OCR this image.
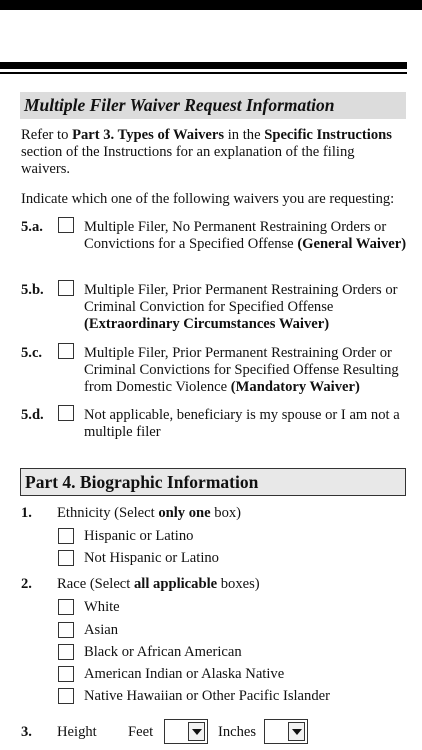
Multiple Filer Waiver Request Information
Refer to Part 3. Types of Waivers in the Specific Instructions section of the Instructions for an explanation of the filing waivers.
Indicate which one of the following waivers you are requesting:
5.a.	Multiple Filer, No Permanent Restraining Orders or Convictions for a Specified Offense (General Waiver)
5.b.	Multiple Filer, Prior Permanent Restraining Orders or Criminal Conviction for Specified Offense (Extraordinary Circumstances Waiver)
5.c.	Multiple Filer, Prior Permanent Restraining Order or Criminal Convictions for Specified Offense Resulting from Domestic Violence (Mandatory Waiver)
5.d.	Not applicable, beneficiary is my spouse or I am not a multiple filer
Part 4. Biographic Information
1. Ethnicity (Select only one box)
Hispanic or Latino
Not Hispanic or Latino
2. Race (Select all applicable boxes)
White
Asian
Black or African American
American Indian or Alaska Native
Native Hawaiian or Other Pacific Islander
3. Height Feet	Inches
